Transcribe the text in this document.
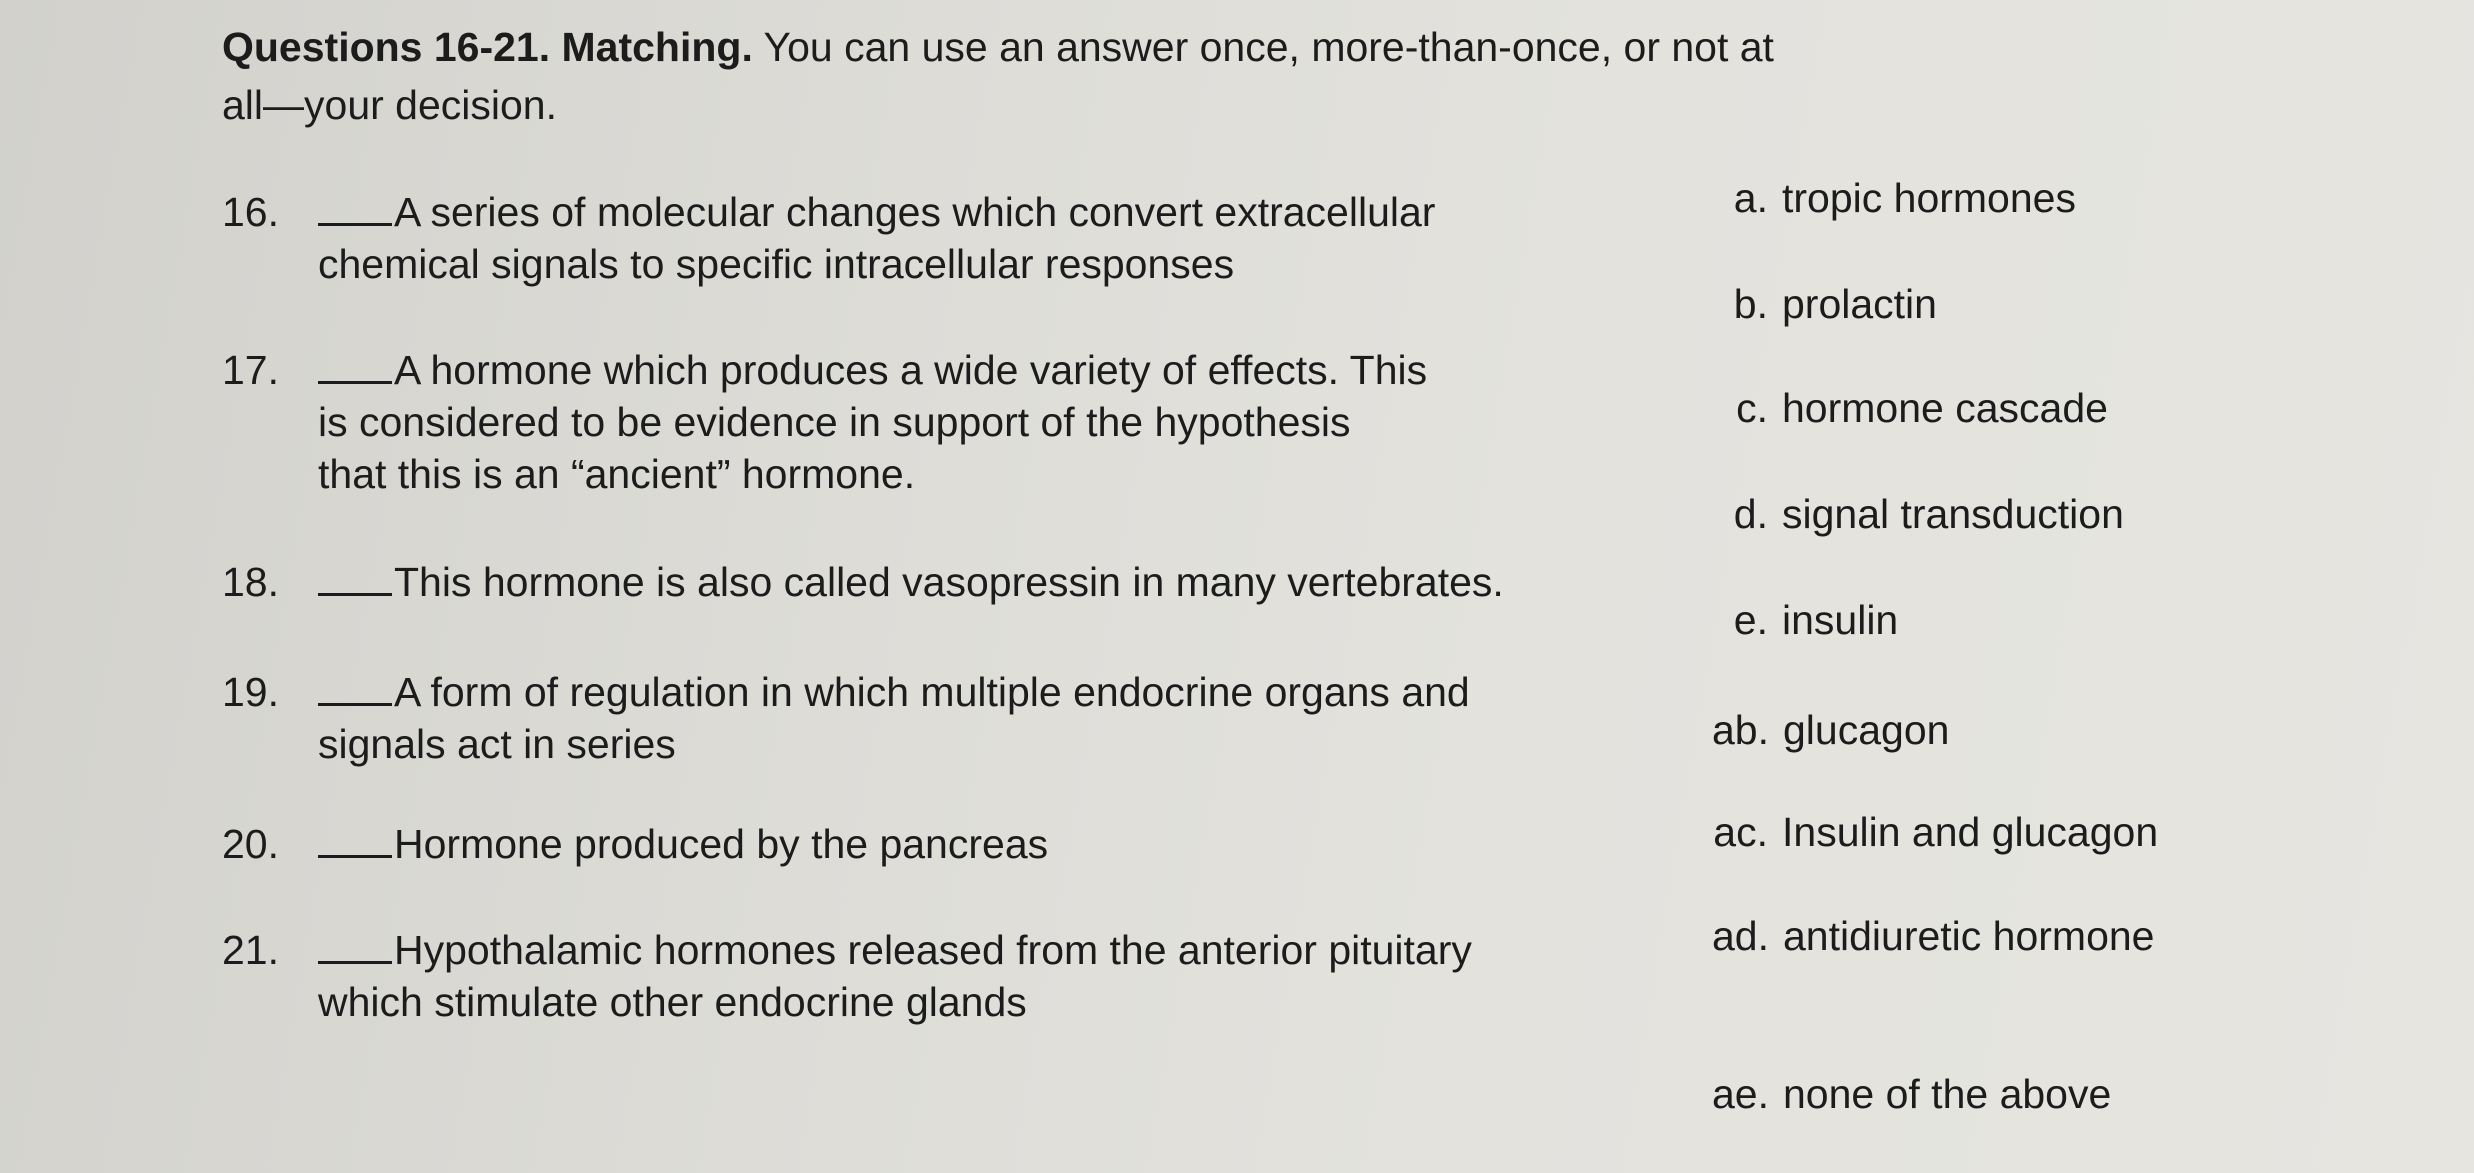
Questions 16-21. Matching. You can use an answer once, more-than-once, or not at
all—your decision.
16.	A series of molecular changes which convert extracellular
chemical signals to specific intracellular responses
17.	A hormone which produces a wide variety of effects. This
is considered to be evidence in support of the hypothesis
that this is an “ancient” hormone.
18.	This hormone is also called vasopressin in many vertebrates.
19.	A form of regulation in which multiple endocrine organs and
signals act in series
20.	Hormone produced by the pancreas
21.	Hypothalamic hormones released from the anterior pituitary
which stimulate other endocrine glands
a. tropic hormones
b. prolactin
c. hormone cascade
d. signal transduction
e. insulin
ab. glucagon
ac. Insulin and glucagon
ad. antidiuretic hormone
ae. none of the above
